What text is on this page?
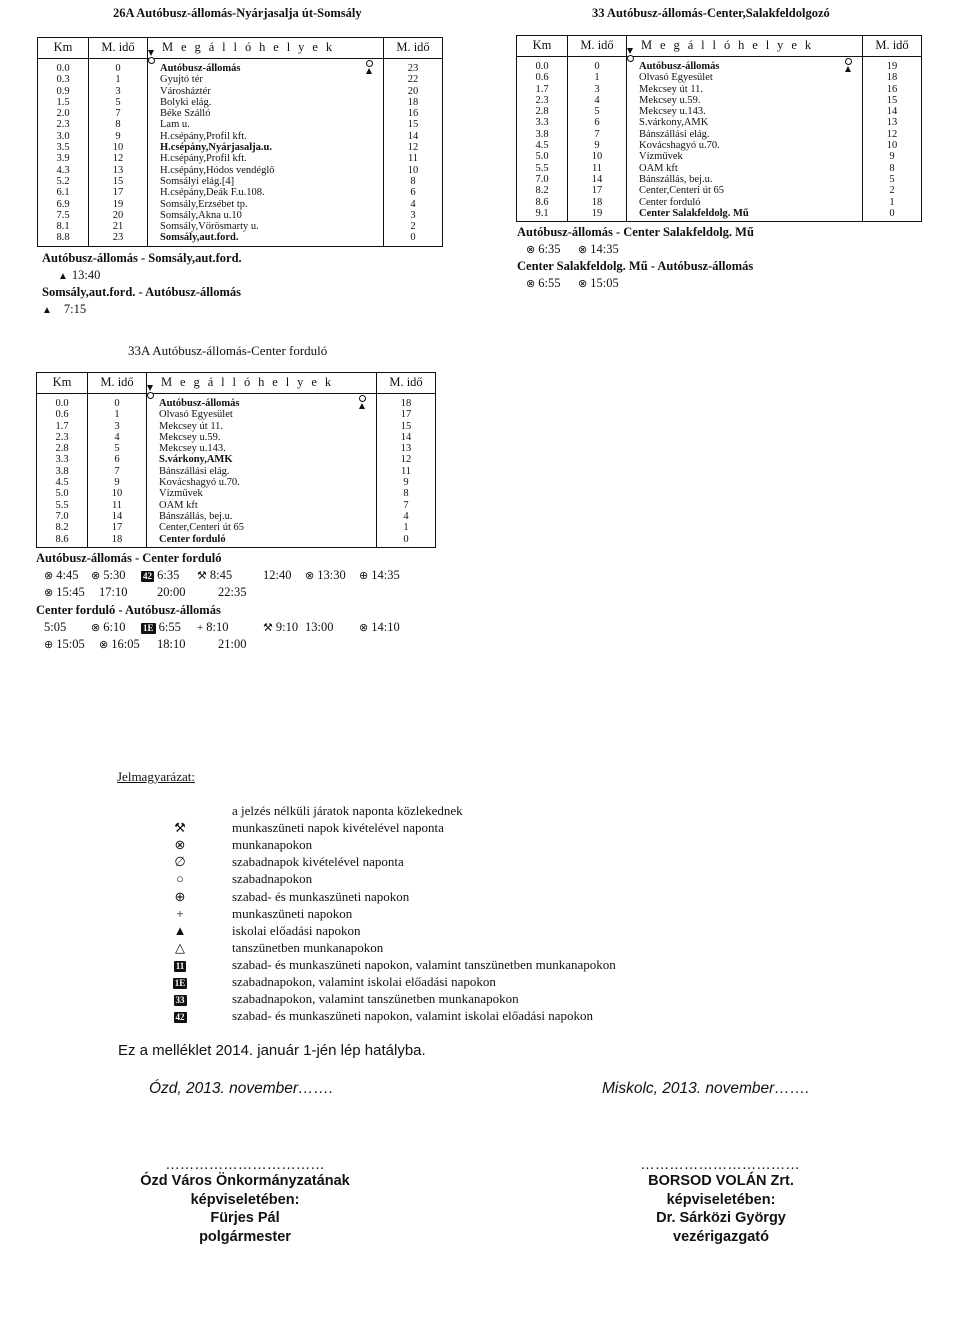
26A Autóbusz-állomás-Nyárjasalja út-Somsály
Km	M. idő	M e g á l l ó h e l y e k		M. idő
0.0	0	Autóbusz-állomás		23
0.3	1	Gyujtó tér		22
0.9	3	Városháztér		20
1.5	5	Bolyki elág.		18
2.0	7	Béke Szálló		16
2.3	8	Lam u.		15
3.0	9	H.csépány,Profil kft.		14
3.5	10	H.csépány,Nyárjasalja.u.		12
3.9	12	H.csépány,Profil kft.		11
4.3	13	H.csépány,Hódos vendéglő		10
5.2	15	Somsályi elág.[4]		8
6.1	17	H.csépány,Deák F.u.108.		6
6.9	19	Somsály,Erzsébet tp.		4
7.5	20	Somsály,Akna u.10		3
8.1	21	Somsály,Vörösmarty u.		2
8.8	23	Somsály,aut.ford.		0
Autóbusz-állomás - Somsály,aut.ford.
▲ 13:40
Somsály,aut.ford. - Autóbusz-állomás
▲ 7:15
33 Autóbusz-állomás-Center,Salakfeldolgozó
Km	M. idő	M e g á l l ó h e l y e k		M. idő
0.0	0	Autóbusz-állomás		19
0.6	1	Olvasó Egyesület		18
1.7	3	Mekcsey út 11.		16
2.3	4	Mekcsey u.59.		15
2.8	5	Mekcsey u.143.		14
3.3	6	S.várkony,AMK		13
3.8	7	Bánszállási elág.		12
4.5	9	Kovácshagyó u.70.		10
5.0	10	Vízművek		9
5.5	11	OAM kft		8
7.0	14	Bánszállás, bej.u.		5
8.2	17	Center,Centeri út 65		2
8.6	18	Center forduló		1
9.1	19	Center Salakfeldolg. Mű		0
Autóbusz-állomás - Center Salakfeldolg. Mű
⊗ 6:35 ⊗ 14:35
Center Salakfeldolg. Mű - Autóbusz-állomás
⊗ 6:55 ⊗ 15:05
33A Autóbusz-állomás-Center forduló
Km	M. idő	M e g á l l ó h e l y e k		M. idő
0.0	0	Autóbusz-állomás		18
0.6	1	Olvasó Egyesület		17
1.7	3	Mekcsey út 11.		15
2.3	4	Mekcsey u.59.		14
2.8	5	Mekcsey u.143.		13
3.3	6	S.várkony,AMK		12
3.8	7	Bánszállási elág.		11
4.5	9	Kovácshagyó u.70.		9
5.0	10	Vízművek		8
5.5	11	OAM kft		7
7.0	14	Bánszállás, bej.u.		4
8.2	17	Center,Centeri út 65		1
8.6	18	Center forduló		0
Autóbusz-állomás - Center forduló
⊗ 4:45 ⊗ 5:30 42 6:35 ⚒ 8:45 12:40 ⊗ 13:30 ⊕ 14:35
⊗ 15:45 17:10 20:00	22:35
Center forduló - Autóbusz-állomás
5:05 ⊗ 6:10 1E 6:55 + 8:10	⚒ 9:10 13:00 ⊗ 14:10
⊕ 15:05 ⊗ 16:05 18:10	21:00
Jelmagyarázat:
a jelzés nélküli járatok naponta közlekednek
⚒	munkaszüneti napok kivételével naponta
⊗	munkanapokon
∅	szabadnapok kivételével naponta
○	szabadnapokon
⊕	szabad- és munkaszüneti napokon
+	munkaszüneti napokon
▲	iskolai előadási napokon
△	tanszünetben munkanapokon
11	szabad- és munkaszüneti napokon, valamint tanszünetben munkanapokon
1E	szabadnapokon, valamint iskolai előadási napokon
33	szabadnapokon, valamint tanszünetben munkanapokon
42	szabad- és munkaszüneti napokon, valamint iskolai előadási napokon
Ez a melléklet 2014. január 1-jén lép hatályba.
Ózd, 2013. november…….	Miskolc, 2013. november…….
……………………………	……………………………
Ózd Város Önkormányzatának
képviseletében:
Fürjes Pál
polgármester
BORSOD VOLÁN Zrt.
képviseletében:
Dr. Sárközi György
vezérigazgató
